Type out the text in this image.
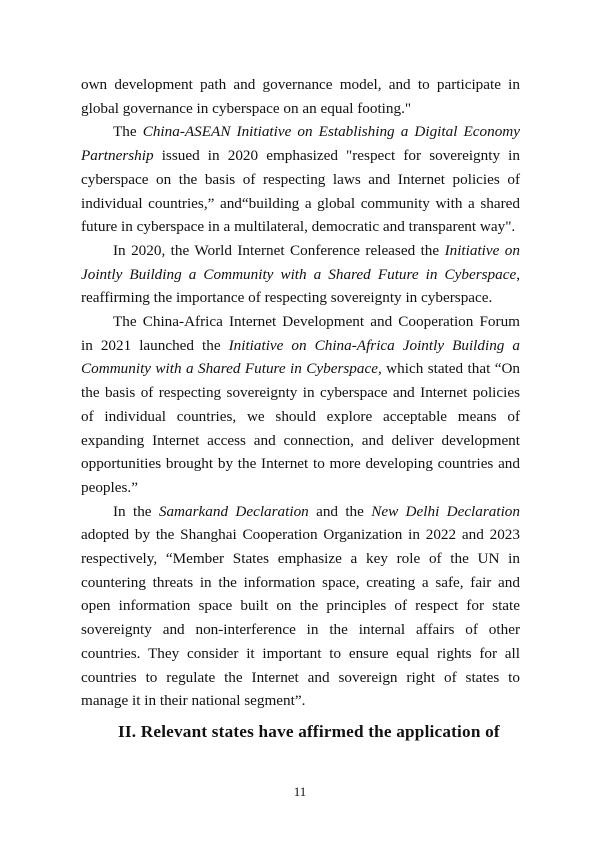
own development path and governance model, and to participate in global governance in cyberspace on an equal footing."

The China-ASEAN Initiative on Establishing a Digital Economy Partnership issued in 2020 emphasized "respect for sovereignty in cyberspace on the basis of respecting laws and Internet policies of individual countries,” and“building a global community with a shared future in cyberspace in a multilateral, democratic and transparent way".

In 2020, the World Internet Conference released the Initiative on Jointly Building a Community with a Shared Future in Cyberspace, reaffirming the importance of respecting sovereignty in cyberspace.

The China-Africa Internet Development and Cooperation Forum in 2021 launched the Initiative on China-Africa Jointly Building a Community with a Shared Future in Cyberspace, which stated that “On the basis of respecting sovereignty in cyberspace and Internet policies of individual countries, we should explore acceptable means of expanding Internet access and connection, and deliver development opportunities brought by the Internet to more developing countries and peoples.”

In the Samarkand Declaration and the New Delhi Declaration adopted by the Shanghai Cooperation Organization in 2022 and 2023 respectively, “Member States emphasize a key role of the UN in countering threats in the information space, creating a safe, fair and open information space built on the principles of respect for state sovereignty and non-interference in the internal affairs of other countries. They consider it important to ensure equal rights for all countries to regulate the Internet and sovereign right of states to manage it in their national segment”.

II. Relevant states have affirmed the application of

11
